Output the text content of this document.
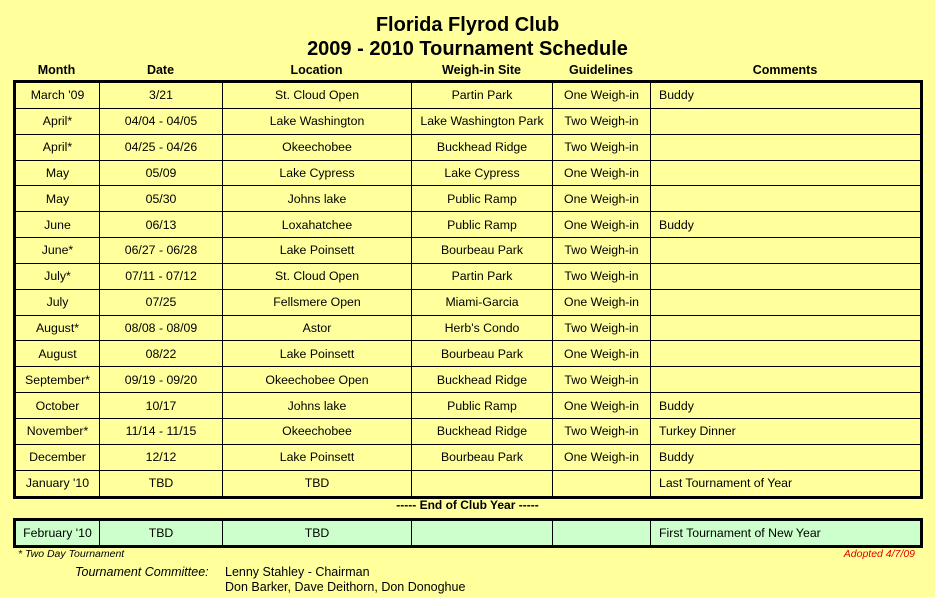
Florida Flyrod Club
2009 - 2010 Tournament Schedule
Month	Date	Location	Weigh-in Site	Guidelines	Comments
March '09	3/21	St. Cloud Open	Partin Park	One Weigh-in	Buddy
April*	04/04 - 04/05	Lake Washington	Lake Washington Park	Two Weigh-in	
April*	04/25 - 04/26	Okeechobee	Buckhead Ridge	Two Weigh-in	
May	05/09	Lake Cypress	Lake Cypress	One Weigh-in	
May	05/30	Johns lake	Public Ramp	One Weigh-in	
June	06/13	Loxahatchee	Public Ramp	One Weigh-in	Buddy
June*	06/27 - 06/28	Lake Poinsett	Bourbeau Park	Two Weigh-in	
July*	07/11 - 07/12	St. Cloud Open	Partin Park	Two Weigh-in	
July	07/25	Fellsmere Open	Miami-Garcia	One Weigh-in	
August*	08/08 - 08/09	Astor	Herb's Condo	Two Weigh-in	
August	08/22	Lake Poinsett	Bourbeau Park	One Weigh-in	
September*	09/19 - 09/20	Okeechobee Open	Buckhead Ridge	Two Weigh-in	
October	10/17	Johns lake	Public Ramp	One Weigh-in	Buddy
November*	11/14 - 11/15	Okeechobee	Buckhead Ridge	Two Weigh-in	Turkey Dinner
December	12/12	Lake Poinsett	Bourbeau Park	One Weigh-in	Buddy
January '10	TBD	TBD			Last Tournament of Year
----- End of Club Year -----
February '10	TBD	TBD			First Tournament of New Year
* Two Day Tournament	Adopted 4/7/09
Tournament Committee: Lenny Stahley - Chairman
Don Barker, Dave Deithorn, Don Donoghue
